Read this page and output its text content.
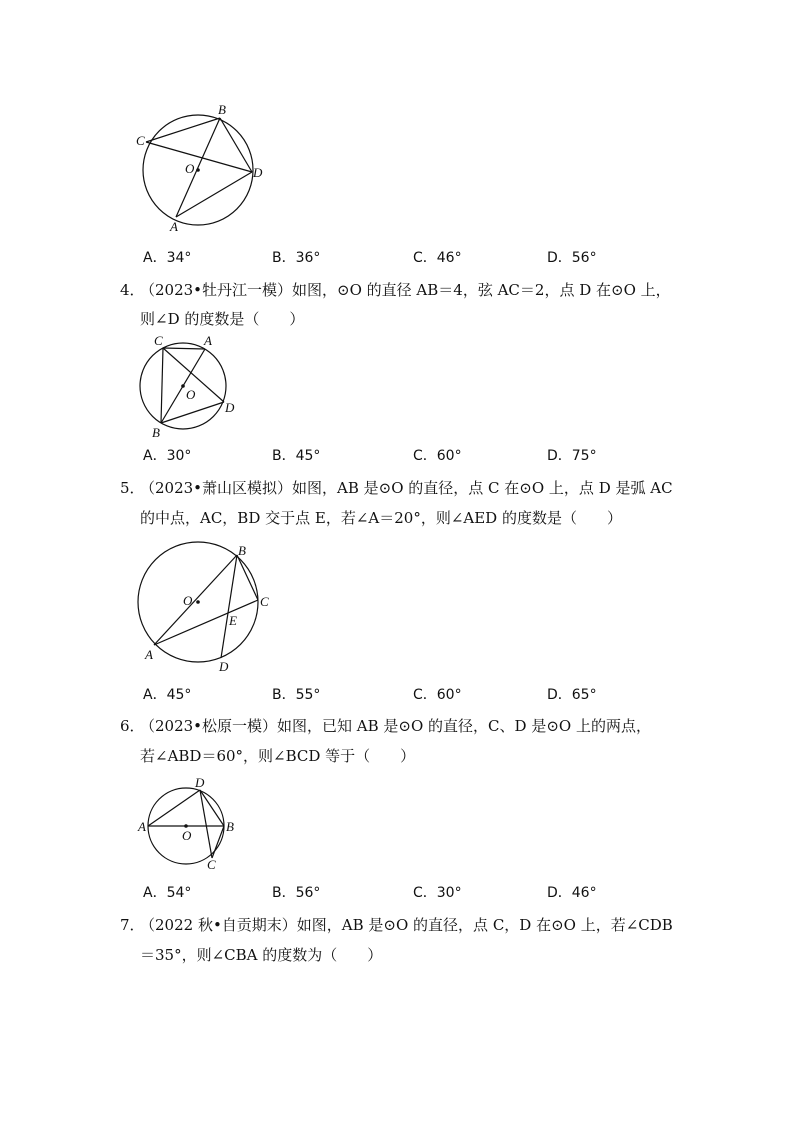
B
C
O	D
A
A．34°	B．36°	C．46°	D．56°
4．
（2023•牡丹江一模）如图，⊙O 的直径 AB＝4，弦 AC＝2，点 D 在⊙O 上，
则∠D 的度数是（　　）
C	A
O
D
B
A．30°	B．45°	C．60°	D．75°
5．
（2023•萧山区模拟）如图，AB 是⊙O 的直径，点 C 在⊙O 上，点 D 是弧 AC
的中点，AC，BD 交于点 E，若∠A＝20°，则∠AED 的度数是（　　）
B
O	C
E
A
D
A．45°	B．55°	C．60°	D．65°
6．
（2023•松原一模）如图，已知 AB 是⊙O 的直径，C、D 是⊙O 上的两点，
若∠ABD＝60°，则∠BCD 等于（　　）
D
A
O
B
C
A．54°	B．56°	C．30°	D．46°
7．
（2022 秋•自贡期末）如图，AB 是⊙O 的直径，点 C，D 在⊙O 上，若∠CDB
＝35°，则∠CBA 的度数为（　　）
